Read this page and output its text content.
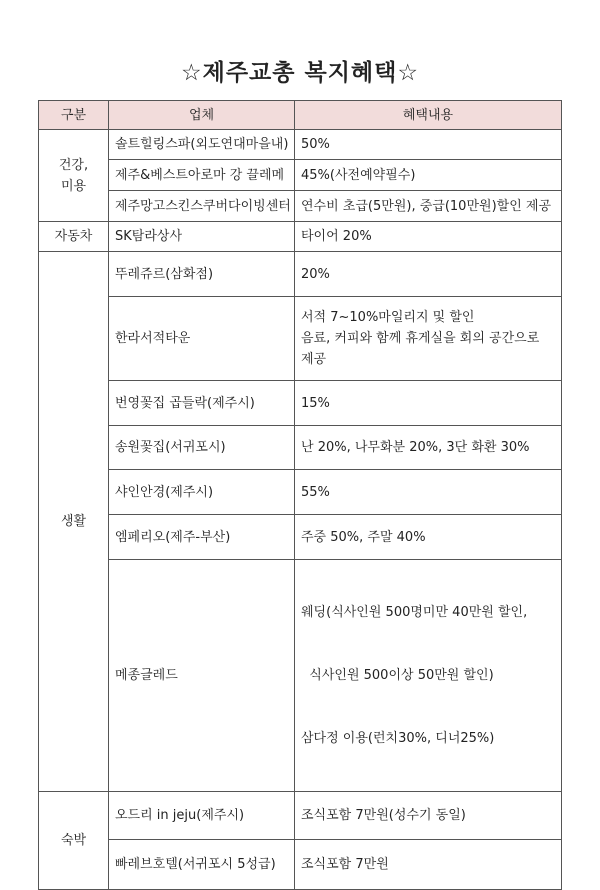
☆제주교총 복지혜택☆
구분	업체	혜택내용

건강,
미용	솔트힐링스파(외도연대마을내)	50%
	제주&베스트아로마 강 끌레메	45%(사전예약필수)
	제주망고스킨스쿠버다이빙센터	연수비 초급(5만원), 중급(10만원)할인 제공
자동차	SK탐라상사	타이어 20%
생활	뚜레쥬르(삼화점)	20%
	한라서적타운	서적 7~10%마일리지 및 할인
음료, 커피와 함께 휴게실을 회의 공간으로
제공

	번영꽃집 곱들락(제주시)	15%
	송원꽃집(서귀포시)	난 20%, 나무화분 20%, 3단 화환 30%
	샤인안경(제주시)	55%
	엠페리오(제주-부산)	주중 50%, 주말 40%
	메종글레드	웨딩(식사인원 500명미만 40만원 할인,

식사인원 500이상 50만원 할인)

삼다정 이용(런치30%, 디너25%)

숙박	오드리 in jeju(제주시)	조식포함 7만원(성수기 동일)
	빠레브호텔(서귀포시 5성급)	조식포함 7만원
